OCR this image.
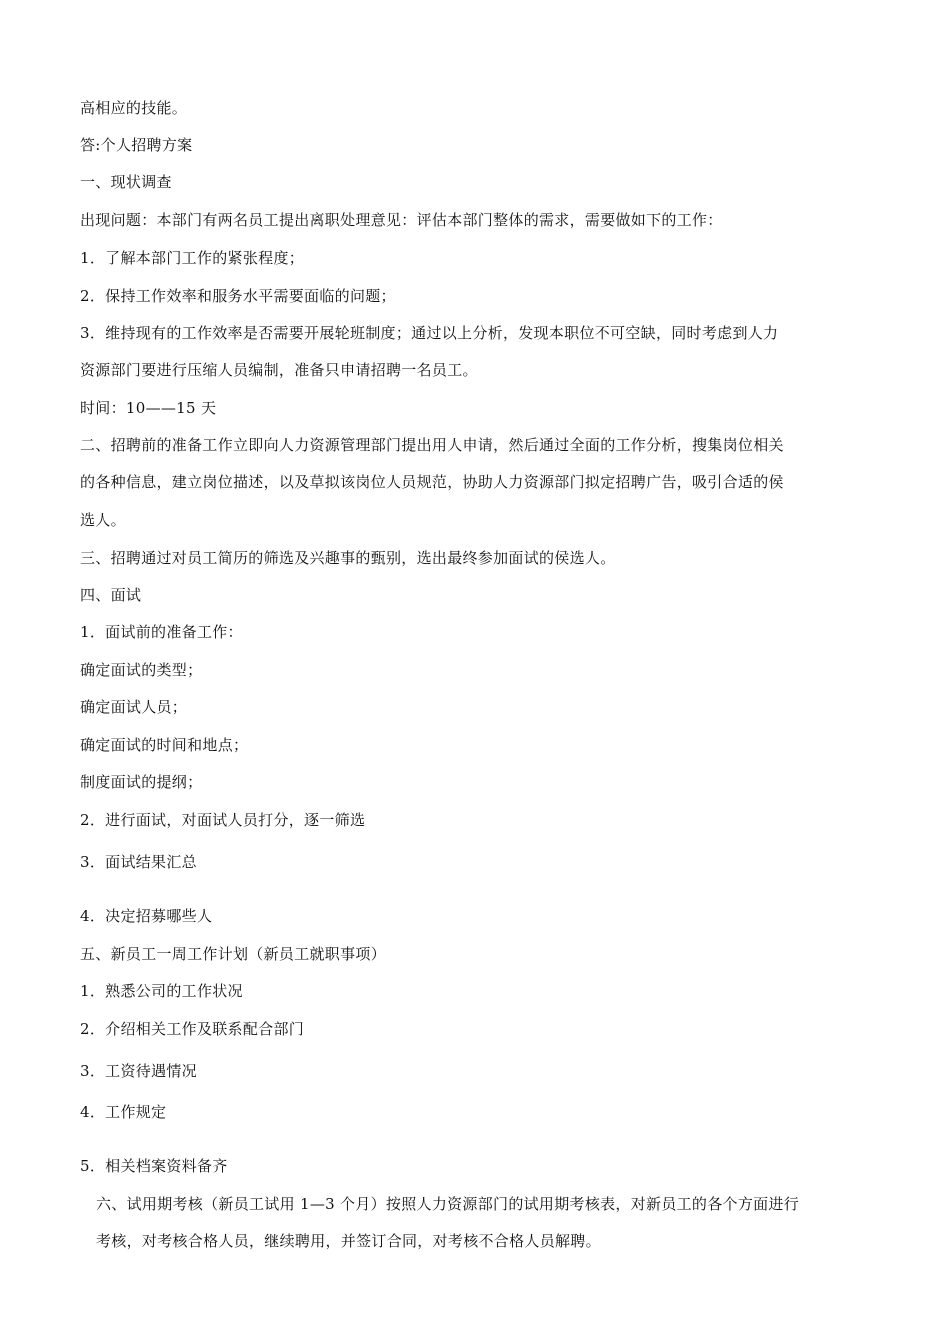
高相应的技能。
答:个人招聘方案
一、现状调查
出现问题：本部门有两名员工提出离职处理意见：评估本部门整体的需求，需要做如下的工作：
1．了解本部门工作的紧张程度；
2．保持工作效率和服务水平需要面临的问题；
3．维持现有的工作效率是否需要开展轮班制度；通过以上分析，发现本职位不可空缺，同时考虑到人力
资源部门要进行压缩人员编制，准备只申请招聘一名员工。
时间：10——15 天
二、招聘前的准备工作立即向人力资源管理部门提出用人申请，然后通过全面的工作分析，搜集岗位相关
的各种信息，建立岗位描述，以及草拟该岗位人员规范，协助人力资源部门拟定招聘广告，吸引合适的侯
选人。
三、招聘通过对员工简历的筛选及兴趣事的甄别，选出最终参加面试的侯选人。
四、面试
1．面试前的准备工作：
确定面试的类型；
确定面试人员；
确定面试的时间和地点；
制度面试的提纲；
2．进行面试，对面试人员打分，逐一筛选
3．面试结果汇总
4．决定招募哪些人
五、新员工一周工作计划（新员工就职事项）
1．熟悉公司的工作状况
2．介绍相关工作及联系配合部门
3．工资待遇情况
4．工作规定
5．相关档案资料备齐
六、试用期考核（新员工试用 1—3 个月）按照人力资源部门的试用期考核表，对新员工的各个方面进行
考核，对考核合格人员，继续聘用，并签订合同，对考核不合格人员解聘。
